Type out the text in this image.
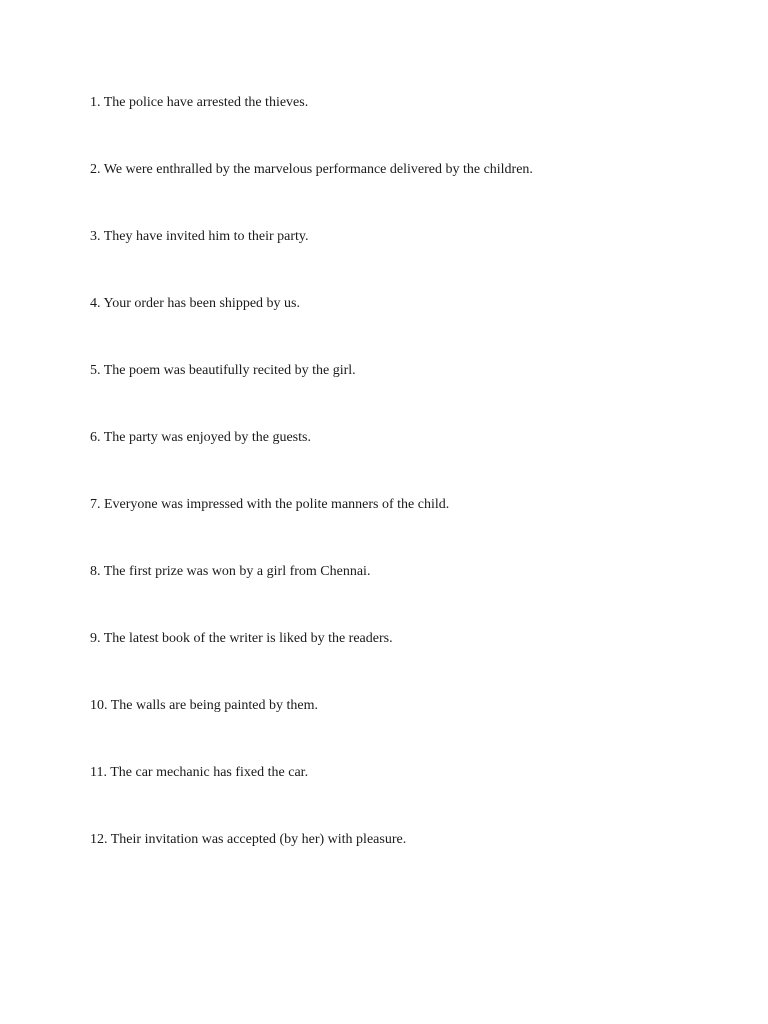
1. The police have arrested the thieves.
2. We were enthralled by the marvelous performance delivered by the children.
3. They have invited him to their party.
4. Your order has been shipped by us.
5. The poem was beautifully recited by the girl.
6. The party was enjoyed by the guests.
7. Everyone was impressed with the polite manners of the child.
8. The first prize was won by a girl from Chennai.
9. The latest book of the writer is liked by the readers.
10. The walls are being painted by them.
11. The car mechanic has fixed the car.
12. Their invitation was accepted (by her) with pleasure.
